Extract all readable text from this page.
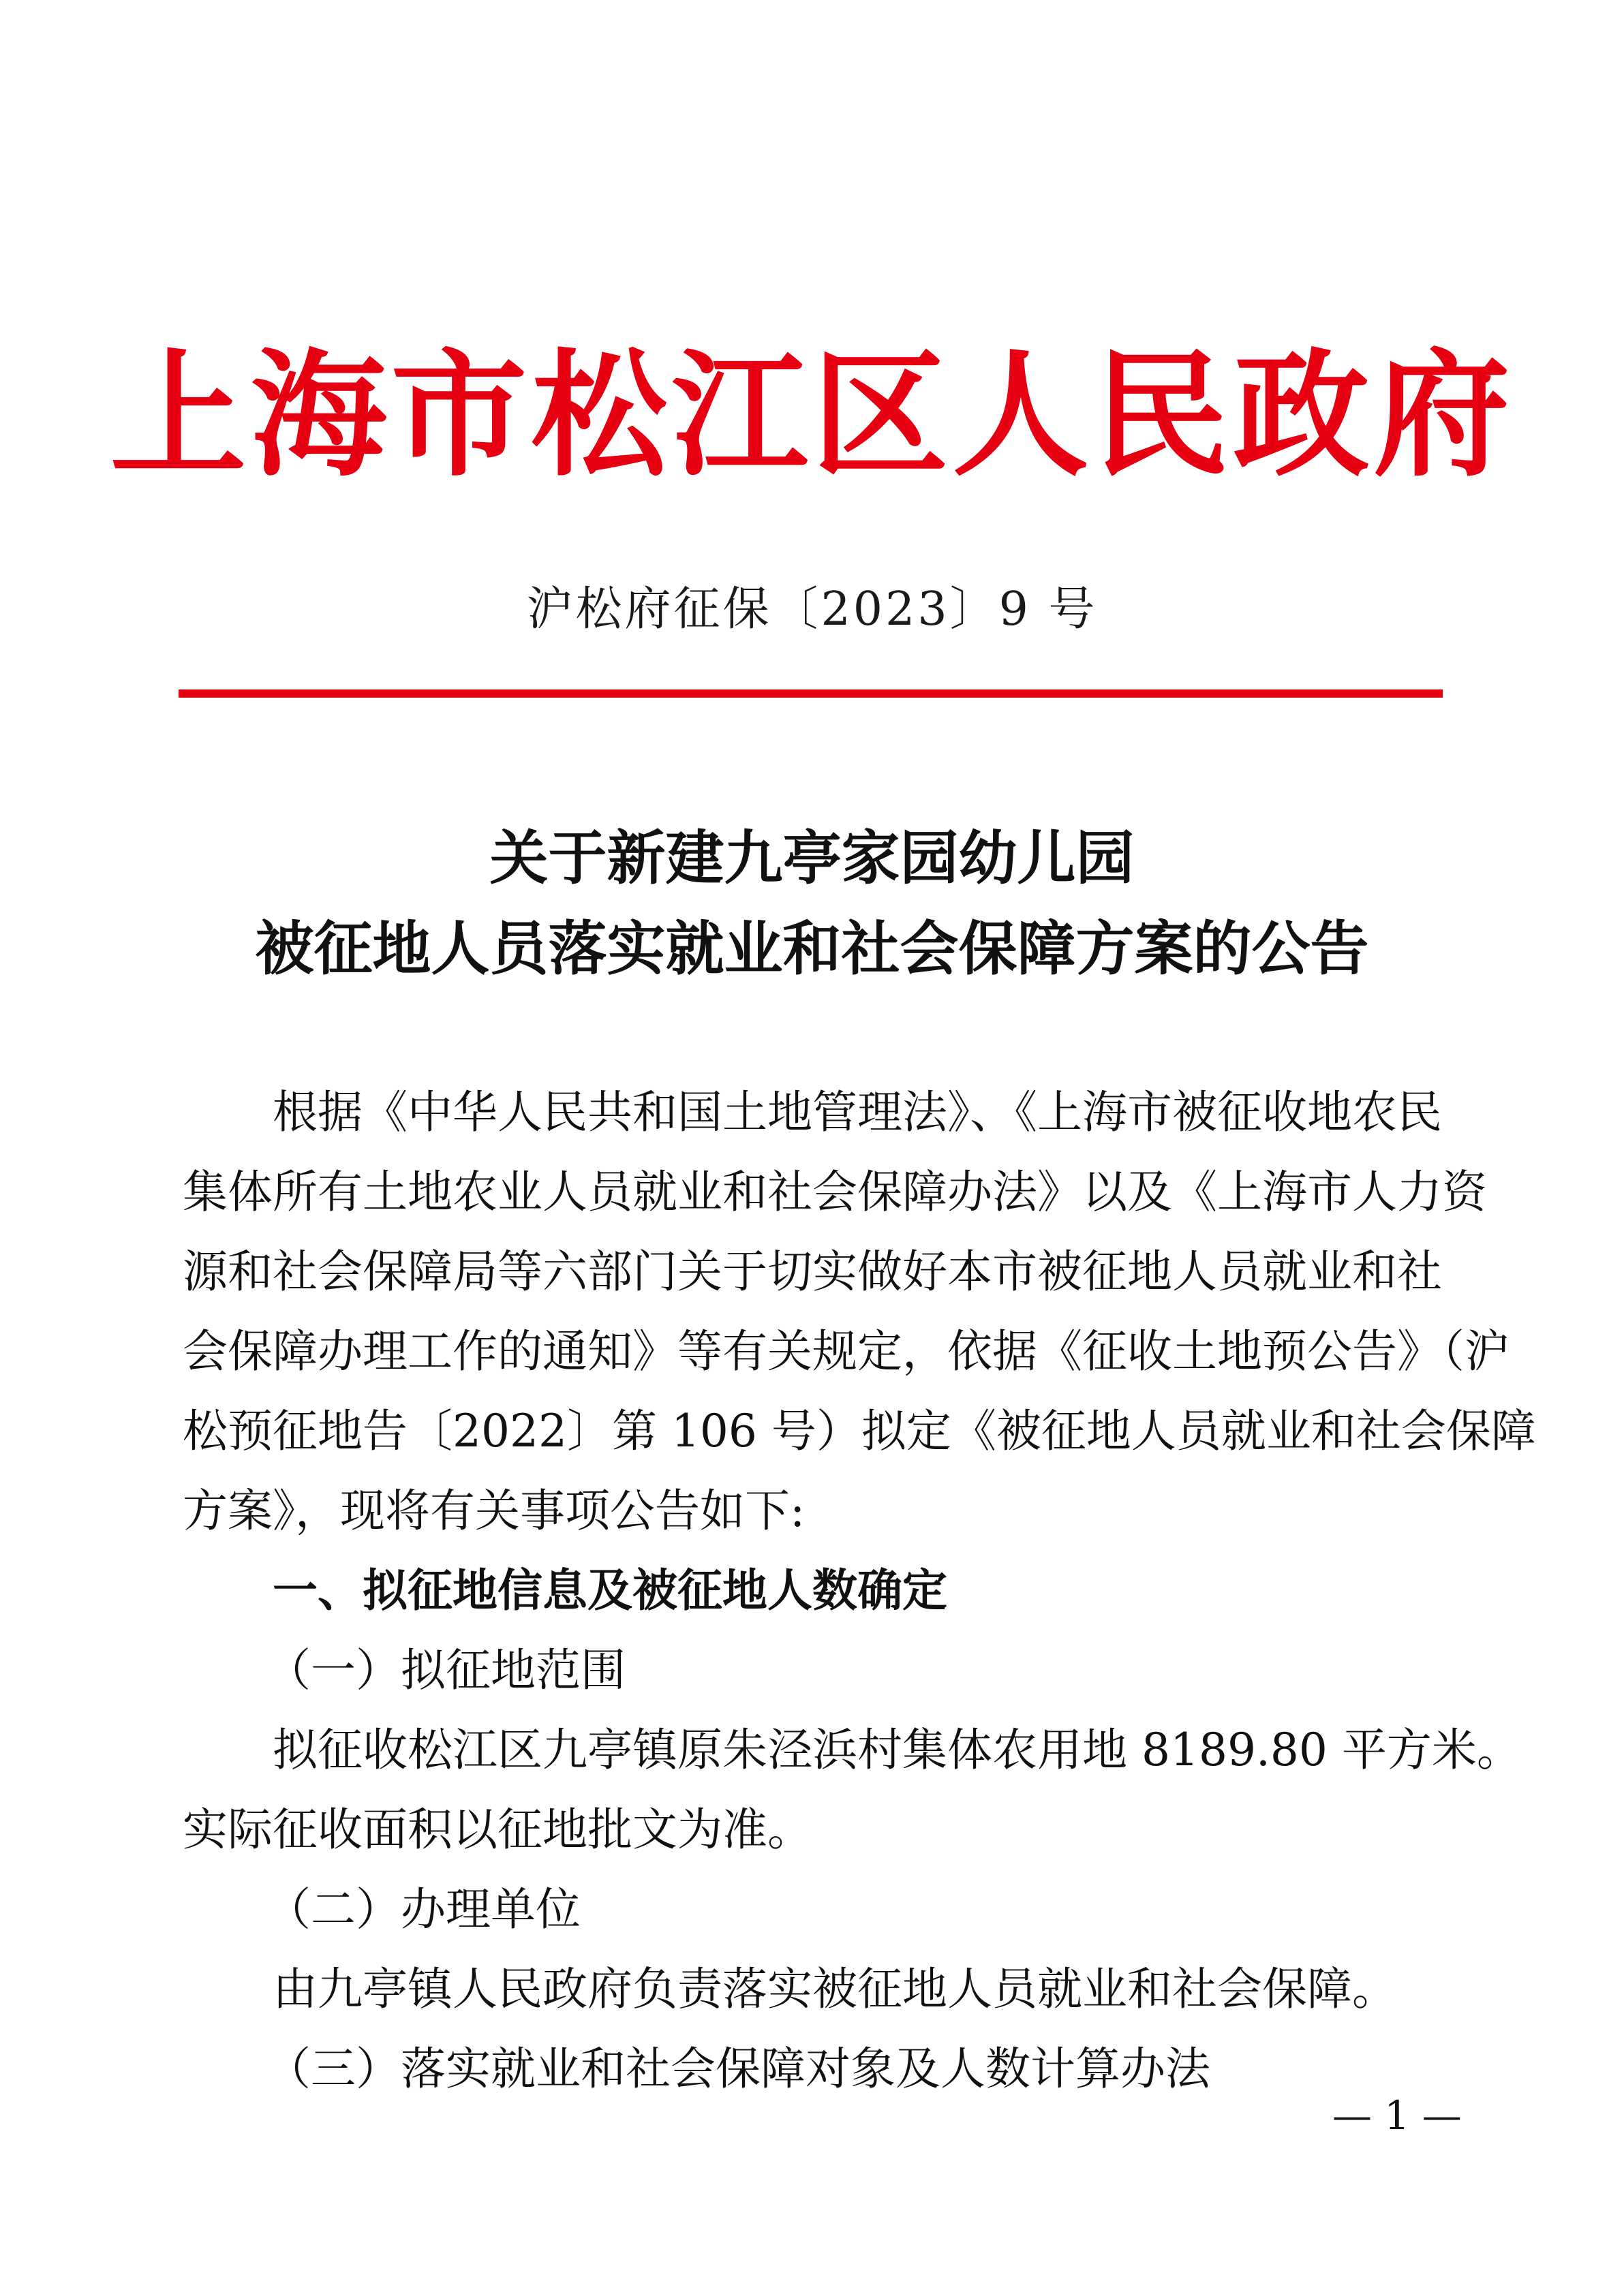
上海市松江区人民政府
沪松府征保〔2023〕9 号
关于新建九亭家园幼儿园
被征地人员落实就业和社会保障方案的公告
根据《中华人民共和国土地管理法》、《上海市被征收地农民
集体所有土地农业人员就业和社会保障办法》以及《上海市人力资
源和社会保障局等六部门关于切实做好本市被征地人员就业和社
会保障办理工作的通知》等有关规定，依据《征收土地预公告》（沪
松预征地告〔2022〕第 106 号）拟定《被征地人员就业和社会保障
方案》，现将有关事项公告如下:
一、拟征地信息及被征地人数确定
（一）拟征地范围
拟征收松江区九亭镇原朱泾浜村集体农用地 8189.80 平方米。
实际征收面积以征地批文为准。
（二）办理单位
由九亭镇人民政府负责落实被征地人员就业和社会保障。
（三）落实就业和社会保障对象及人数计算办法
— 1 —
